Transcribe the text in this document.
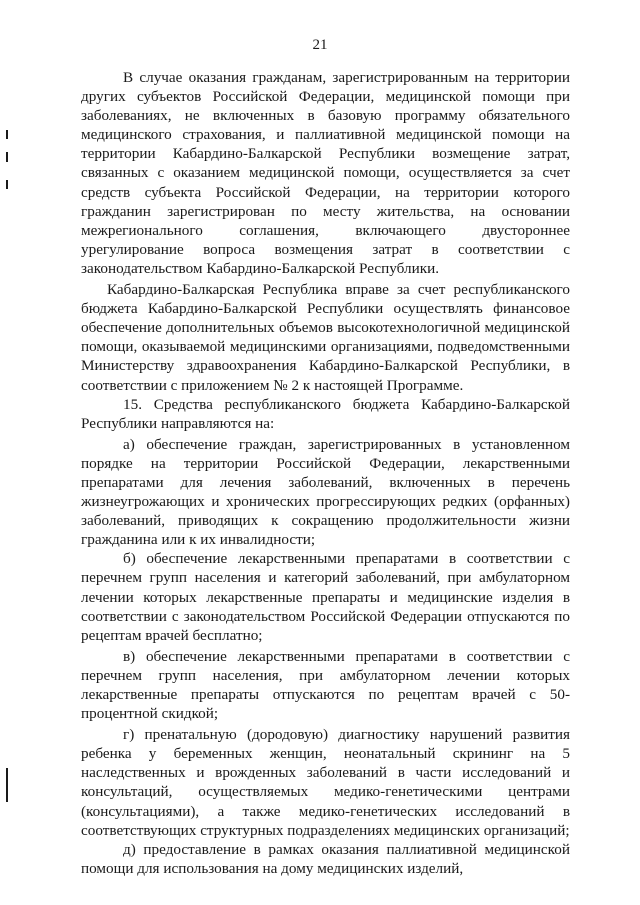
21

В случае оказания гражданам, зарегистрированным на территории других субъектов Российской Федерации, медицинской помощи при заболеваниях, не включенных в базовую программу обязательного медицинского страхования, и паллиативной медицинской помощи на территории Кабардино-Балкарской Республики возмещение затрат, связанных с оказанием медицинской помощи, осуществляется за счет средств субъекта Российской Федерации, на территории которого гражданин зарегистрирован по месту жительства, на основании межрегионального соглашения, включающего двустороннее урегулирование вопроса возмещения затрат в соответствии с законодательством Кабардино-Балкарской Республики.

Кабардино-Балкарская Республика вправе за счет республиканского бюджета Кабардино-Балкарской Республики осуществлять финансовое обеспечение дополнительных объемов высокотехнологичной медицинской помощи, оказываемой медицинскими организациями, подведомственными Министерству здравоохранения Кабардино-Балкарской Республики, в соответствии с приложением № 2 к настоящей Программе.

15. Средства республиканского бюджета Кабардино-Балкарской Республики направляются на:

а) обеспечение граждан, зарегистрированных в установленном порядке на территории Российской Федерации, лекарственными препаратами для лечения заболеваний, включенных в перечень жизнеугрожающих и хронических прогрессирующих редких (орфанных) заболеваний, приводящих к сокращению продолжительности жизни гражданина или к их инвалидности;

б) обеспечение лекарственными препаратами в соответствии с перечнем групп населения и категорий заболеваний, при амбулаторном лечении которых лекарственные препараты и медицинские изделия в соответствии с законодательством Российской Федерации отпускаются по рецептам врачей бесплатно;

в) обеспечение лекарственными препаратами в соответствии с перечнем групп населения, при амбулаторном лечении которых лекарственные препараты отпускаются по рецептам врачей с 50-процентной скидкой;

г) пренатальную (дородовую) диагностику нарушений развития ребенка у беременных женщин, неонатальный скрининг на 5 наследственных и врожденных заболеваний в части исследований и консультаций, осуществляемых медико-генетическими центрами (консультациями), а также медико-генетических исследований в соответствующих структурных подразделениях медицинских организаций;

д) предоставление в рамках оказания паллиативной медицинской помощи для использования на дому медицинских изделий,
